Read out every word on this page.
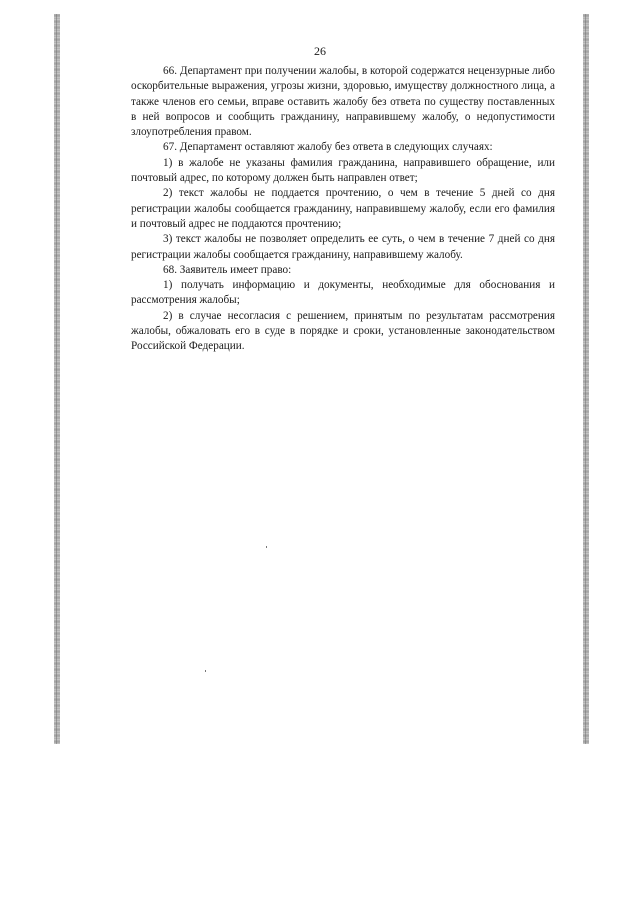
26

66. Департамент при получении жалобы, в которой содержатся нецензурные либо оскорбительные выражения, угрозы жизни, здоровью, имуществу должностного лица, а также членов его семьи, вправе оставить жалобу без ответа по существу поставленных в ней вопросов и сообщить гражданину, направившему жалобу, о недопустимости злоупотребления правом.

67. Департамент оставляют жалобу без ответа в следующих случаях:

1) в жалобе не указаны фамилия гражданина, направившего обращение, или почтовый адрес, по которому должен быть направлен ответ;

2) текст жалобы не поддается прочтению, о чем в течение 5 дней со дня регистрации жалобы сообщается гражданину, направившему жалобу, если его фамилия и почтовый адрес не поддаются прочтению;

3) текст жалобы не позволяет определить ее суть, о чем в течение 7 дней со дня регистрации жалобы сообщается гражданину, направившему жалобу.

68. Заявитель имеет право:

1) получать информацию и документы, необходимые для обоснования и рассмотрения жалобы;

2) в случае несогласия с решением, принятым по результатам рассмотрения жалобы, обжаловать его в суде в порядке и сроки, установленные законодательством Российской Федерации.
